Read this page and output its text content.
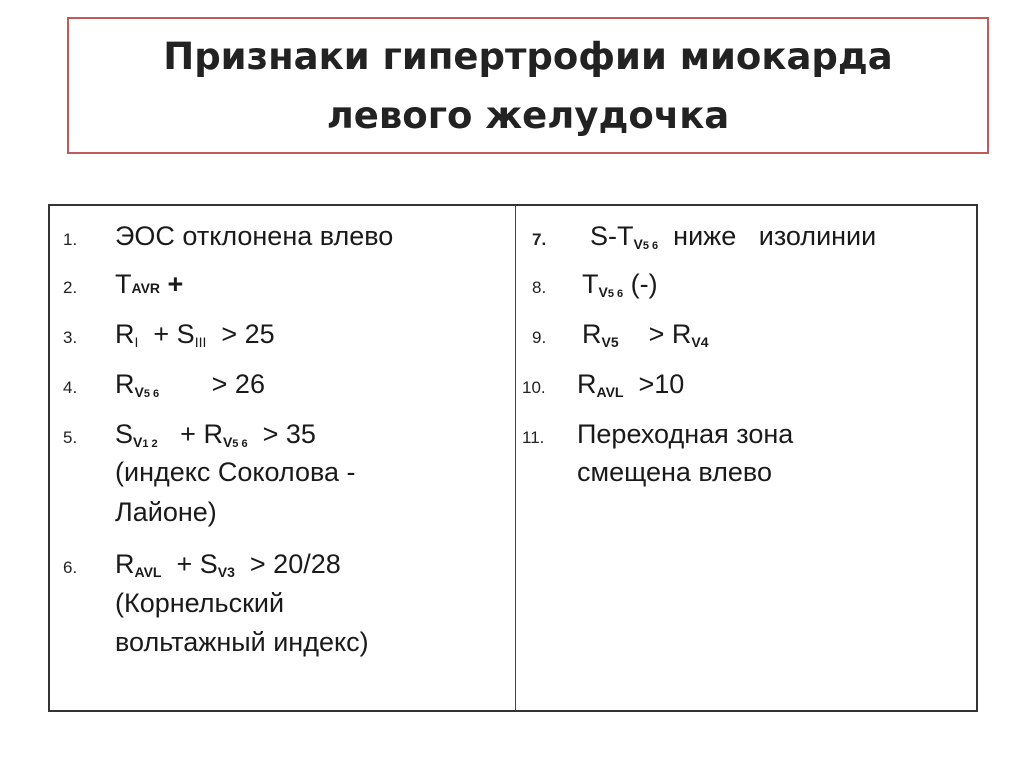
Признаки гипертрофии миокарда
левого желудочка
1. ЭОС отклонена влево
2. TAVR +
3. $R_I + S_{III} > 25$
4. $R_{V5 6} > 26$
5. $S_{V1 2} + R_{V5 6} > 35$
(индекс Соколова -
Лайоне)
6. $R_{AVL} + S_{V3} > 20/28$
(Корнельский
вольтажный индекс)
7. $S-T_{V5 6}$ ниже   изолинии
8. $T_{V5 6}$ (-)
9. $R_{V5} > R_{V4}$
10. $R_{AVL} >10$
11. Переходная зона
смещена влево
